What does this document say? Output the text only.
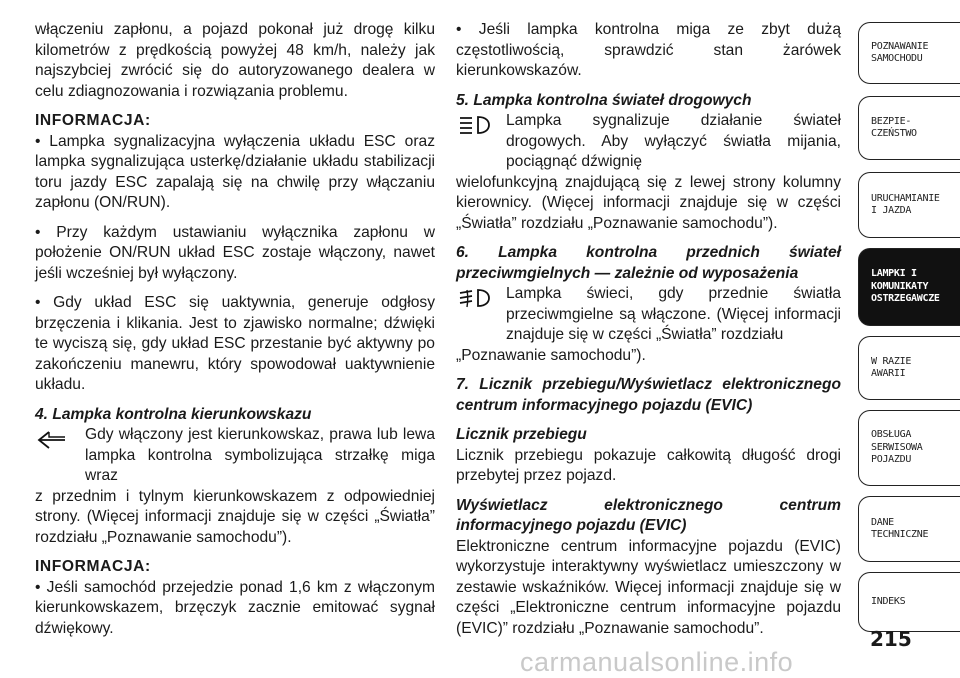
włączeniu zapłonu, a pojazd pokonał już drogę kilku kilometrów z prędkością powyżej 48 km/h, należy jak najszybciej zwrócić się do autoryzowanego dealera w celu zdiagnozowania i rozwiązania problemu.

INFORMACJA:

• Lampka sygnalizacyjna wyłączenia układu ESC oraz lampka sygnalizująca usterkę/działanie układu stabilizacji toru jazdy ESC zapalają się na chwilę przy włączaniu zapłonu (ON/RUN).

• Przy każdym ustawianiu wyłącznika zapłonu w położenie ON/RUN układ ESC zostaje włączony, nawet jeśli wcześniej był wyłączony.

• Gdy układ ESC się uaktywnia, generuje odgłosy brzęczenia i klikania. Jest to zjawisko normalne; dźwięki te wyciszą się, gdy układ ESC przestanie być aktywny po zakończeniu manewru, który spowodował uaktywnienie układu.

4. Lampka kontrolna kierunkowskazu

Gdy włączony jest kierunkowskaz, prawa lub lewa lampka kontrolna symbolizująca strzałkę miga wraz

z przednim i tylnym kierunkowskazem z odpowiedniej strony. (Więcej informacji znajduje się w części „Światła” rozdziału „Poznawanie samochodu”).

INFORMACJA:

• Jeśli samochód przejedzie ponad 1,6 km z włączonym kierunkowskazem, brzęczyk zacznie emitować sygnał dźwiękowy.

• Jeśli lampka kontrolna miga ze zbyt dużą częstotliwością, sprawdzić stan żarówek kierunkowskazów.

5. Lampka kontrolna świateł drogowych

Lampka sygnalizuje działanie świateł drogowych. Aby wyłączyć światła mijania, pociągnąć dźwignię

wielofunkcyjną znajdującą się z lewej strony kolumny kierownicy. (Więcej informacji znajduje się w części „Światła” rozdziału „Poznawanie samochodu”).

6. Lampka kontrolna przednich świateł przeciwmgielnych — zależnie od wyposażenia

Lampka świeci, gdy przednie światła przeciwmgielne są włączone. (Więcej informacji znajduje się w części „Światła” rozdziału

„Poznawanie samochodu”).

7. Licznik przebiegu/Wyświetlacz elektronicznego centrum informacyjnego pojazdu (EVIC)

Licznik przebiegu

Licznik przebiegu pokazuje całkowitą długość drogi przebytej przez pojazd.

Wyświetlacz elektronicznego centrum informacyjnego pojazdu (EVIC)

Elektroniczne centrum informacyjne pojazdu (EVIC) wykorzystuje interaktywny wyświetlacz umieszczony w zestawie wskaźników. Więcej informacji znajduje się w części „Elektroniczne centrum informacyjne pojazdu (EVIC)” rozdziału „Poznawanie samochodu”.

POZNAWANIE
SAMOCHODU
BEZPIE-
CZEŃSTWO
URUCHAMIANIE
I JAZDA
LAMPKI I
KOMUNIKATY
OSTRZEGAWCZE
W RAZIE
AWARII
OBSŁUGA
SERWISOWA
POJAZDU
DANE
TECHNICZNE
INDEKS
215
carmanualsonline.info
